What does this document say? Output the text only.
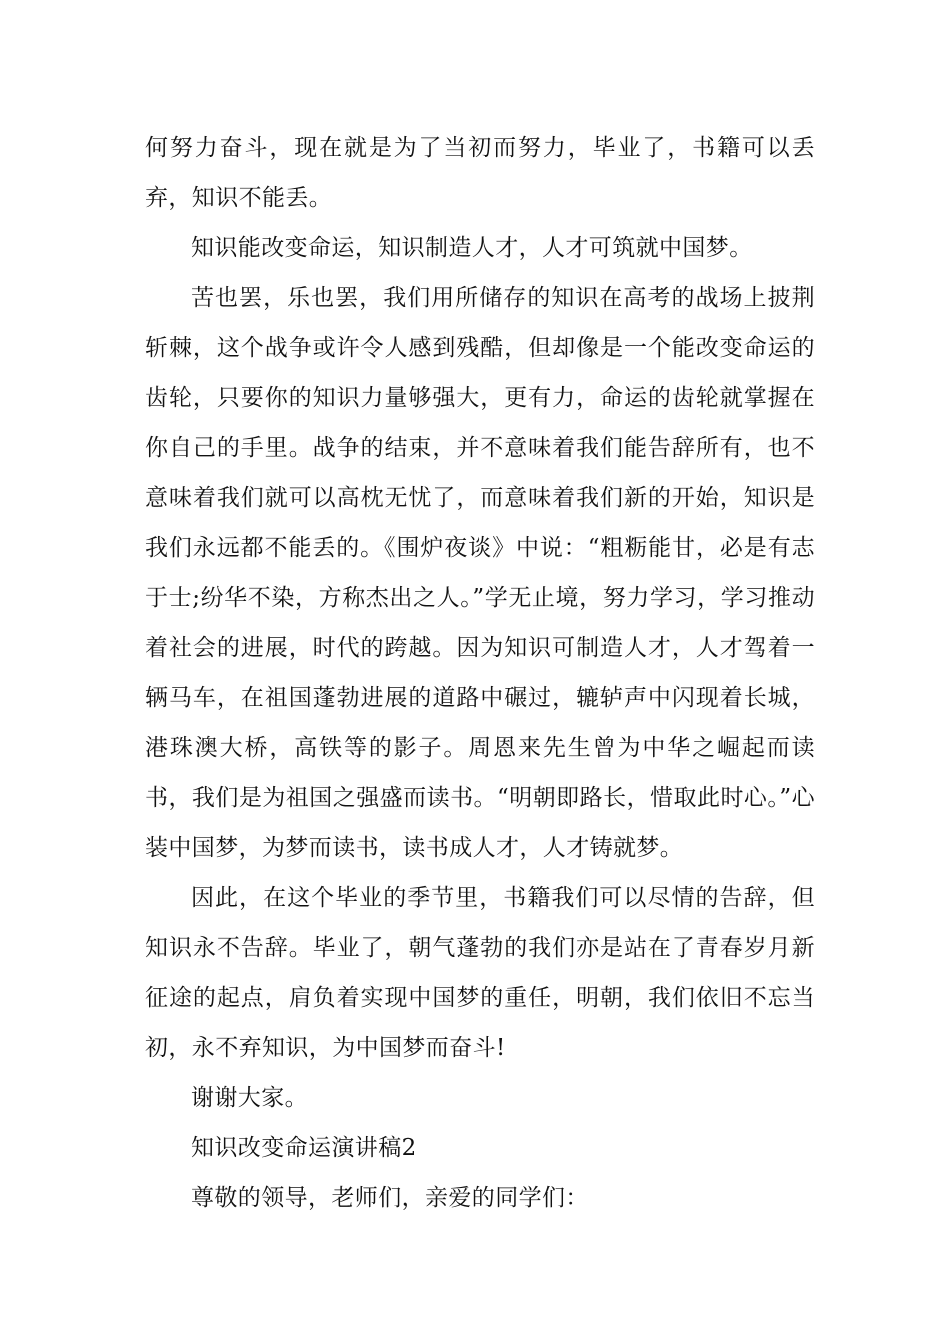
何努力奋斗，现在就是为了当初而努力，毕业了，书籍可以丢弃，知识不能丢。

知识能改变命运，知识制造人才，人才可筑就中国梦。

苦也罢，乐也罢，我们用所储存的知识在高考的战场上披荆斩棘，这个战争或许令人感到残酷，但却像是一个能改变命运的齿轮，只要你的知识力量够强大，更有力，命运的齿轮就掌握在你自己的手里。战争的结束，并不意味着我们能告辞所有，也不意味着我们就可以高枕无忧了，而意味着我们新的开始，知识是我们永远都不能丢的。《围炉夜谈》中说：“粗粝能甘，必是有志于士;纷华不染，方称杰出之人。”学无止境，努力学习，学习推动着社会的进展，时代的跨越。因为知识可制造人才，人才驾着一辆马车，在祖国蓬勃进展的道路中碾过，辘轳声中闪现着长城，港珠澳大桥，高铁等的影子。周恩来先生曾为中华之崛起而读书，我们是为祖国之强盛而读书。“明朝即路长，惜取此时心。”心装中国梦，为梦而读书，读书成人才，人才铸就梦。

因此，在这个毕业的季节里，书籍我们可以尽情的告辞，但知识永不告辞。毕业了，朝气蓬勃的我们亦是站在了青春岁月新征途的起点，肩负着实现中国梦的重任，明朝，我们依旧不忘当初，永不弃知识，为中国梦而奋斗!

谢谢大家。

知识改变命运演讲稿2

尊敬的领导，老师们，亲爱的同学们：
